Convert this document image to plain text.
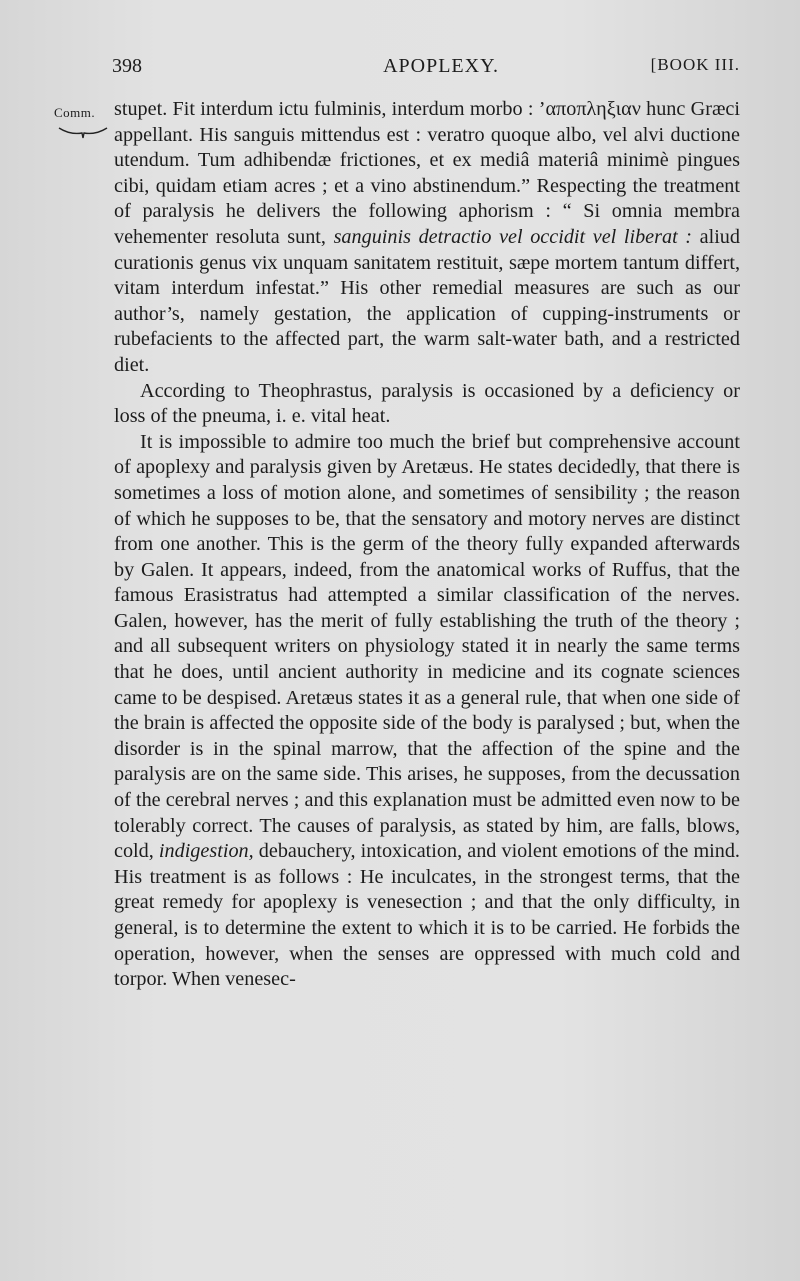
398	APOPLEXY.	[BOOK III.
Comm. stupet. Fit interdum ictu fulminis, interdum morbo : ’αποπληξιαν hunc Græci appellant. His sanguis mittendus est : veratro quoque albo, vel alvi ductione utendum. Tum adhibendæ frictiones, et ex mediâ materiâ minimè pingues cibi, quidam etiam acres ; et a vino abstinendum.” Respecting the treatment of paralysis he delivers the following aphorism : “ Si omnia membra vehementer resoluta sunt, sanguinis detractio vel occidit vel liberat : aliud curationis genus vix unquam sanitatem restituit, sæpe mortem tantum differt, vitam interdum infestat.” His other remedial measures are such as our author’s, namely gestation, the application of cupping-instruments or rubefacients to the affected part, the warm salt-water bath, and a restricted diet.

According to Theophrastus, paralysis is occasioned by a deficiency or loss of the pneuma, i. e. vital heat.

It is impossible to admire too much the brief but comprehensive account of apoplexy and paralysis given by Aretæus. He states decidedly, that there is sometimes a loss of motion alone, and sometimes of sensibility ; the reason of which he supposes to be, that the sensatory and motory nerves are distinct from one another. This is the germ of the theory fully expanded afterwards by Galen. It appears, indeed, from the anatomical works of Ruffus, that the famous Erasistratus had attempted a similar classification of the nerves. Galen, however, has the merit of fully establishing the truth of the theory ; and all subsequent writers on physiology stated it in nearly the same terms that he does, until ancient authority in medicine and its cognate sciences came to be despised. Aretæus states it as a general rule, that when one side of the brain is affected the opposite side of the body is paralysed ; but, when the disorder is in the spinal marrow, that the affection of the spine and the paralysis are on the same side. This arises, he supposes, from the decussation of the cerebral nerves ; and this explanation must be admitted even now to be tolerably correct. The causes of paralysis, as stated by him, are falls, blows, cold, indigestion, debauchery, intoxication, and violent emotions of the mind. His treatment is as follows : He inculcates, in the strongest terms, that the great remedy for apoplexy is venesection ; and that the only difficulty, in general, is to determine the extent to which it is to be carried. He forbids the operation, however, when the senses are oppressed with much cold and torpor. When venesec-
